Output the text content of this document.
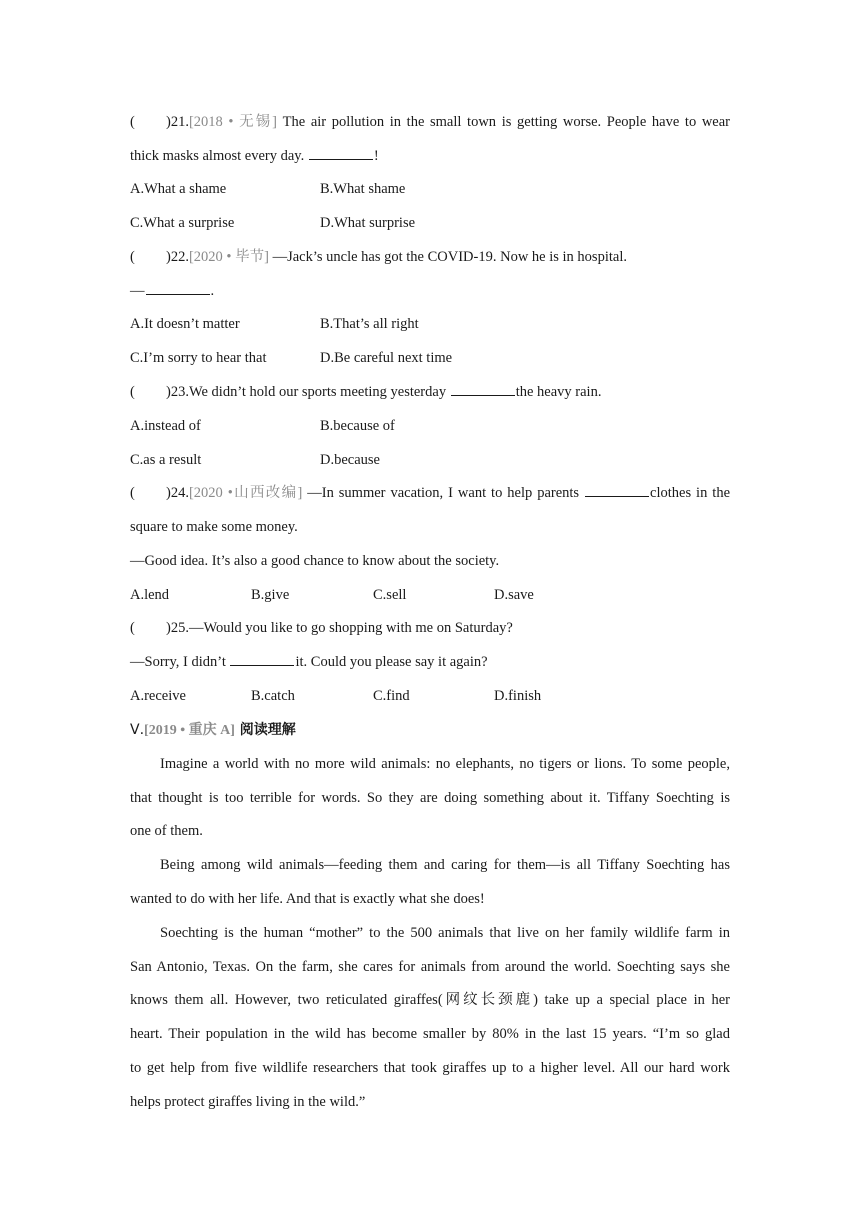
( )21.[2018 • 无锡] The air pollution in the small town is getting worse. People have to wear
thick masks almost every day.	!
A.What a shame	B.What shame
C.What a surprise	D.What surprise
( )22.[2020 • 毕节] —Jack’s uncle has got the COVID-19. Now he is in hospital.
—	.
A.It doesn’t matter	B.That’s all right
C.I’m sorry to hear that	D.Be careful next time
( )23.We didn’t hold our sports meeting yesterday	the heavy rain.
A.instead of	B.because of
C.as a result	D.because
( )24.[2020 •山西改编] —In summer vacation, I want to help parents	clothes in the
square to make some money.
—Good idea. It’s also a good chance to know about the society.
A.lend	B.give	C.sell	D.save
( )25.—Would you like to go shopping with me on Saturday?
—Sorry, I didn’t	it. Could you please say it again?
A.receive	B.catch	C.find	D.finish
Ⅴ.[2019 • 重庆 A] 阅读理解
Imagine a world with no more wild animals: no elephants, no tigers or lions. To some people,
that thought is too terrible for words. So they are doing something about it. Tiffany Soechting is
one of them.
Being among wild animals—feeding them and caring for them—is all Tiffany Soechting has
wanted to do with her life. And that is exactly what she does!
Soechting is the human “mother” to the 500 animals that live on her family wildlife farm in
San Antonio, Texas. On the farm, she cares for animals from around the world. Soechting says she
knows them all. However, two reticulated giraffes(网纹长颈鹿) take up a special place in her
heart. Their population in the wild has become smaller by 80% in the last 15 years. “I’m so glad
to get help from five wildlife researchers that took giraffes up to a higher level. All our hard work
helps protect giraffes living in the wild.”
